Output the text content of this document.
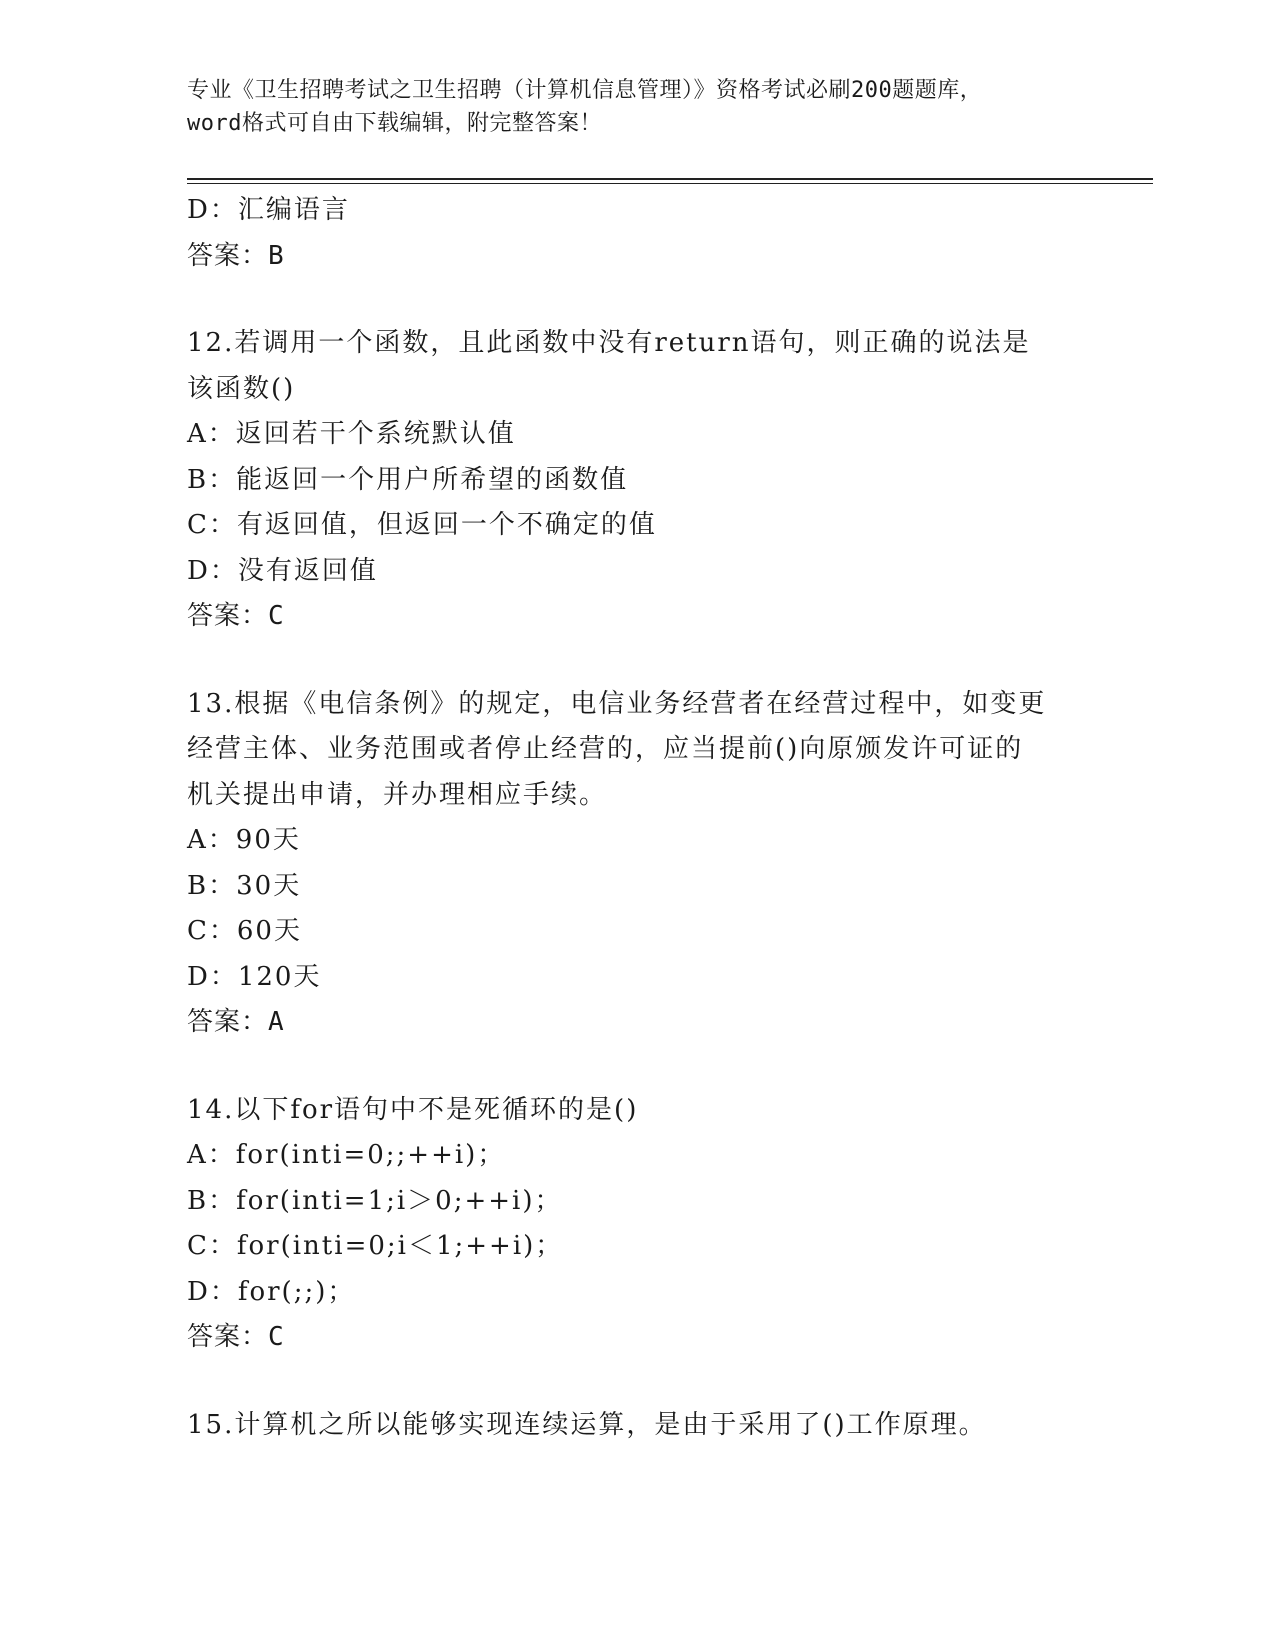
专业《卫生招聘考试之卫生招聘（计算机信息管理）》资格考试必刷200题题库，
word格式可自由下载编辑，附完整答案！
D：汇编语言
答案：B
12.若调用一个函数，且此函数中没有return语句，则正确的说法是
该函数()
A：返回若干个系统默认值
B：能返回一个用户所希望的函数值
C：有返回值，但返回一个不确定的值
D：没有返回值
答案：C
13.根据《电信条例》的规定，电信业务经营者在经营过程中，如变更
经营主体、业务范围或者停止经营的，应当提前()向原颁发许可证的
机关提出申请，并办理相应手续。
A：90天
B：30天
C：60天
D：120天
答案：A
14.以下for语句中不是死循环的是()
A：for(inti=0;;++i)；
B：for(inti=1;i＞0;++i)；
C：for(inti=0;i＜1;++i)；
D：for(;;)；
答案：C
15.计算机之所以能够实现连续运算，是由于采用了()工作原理。
